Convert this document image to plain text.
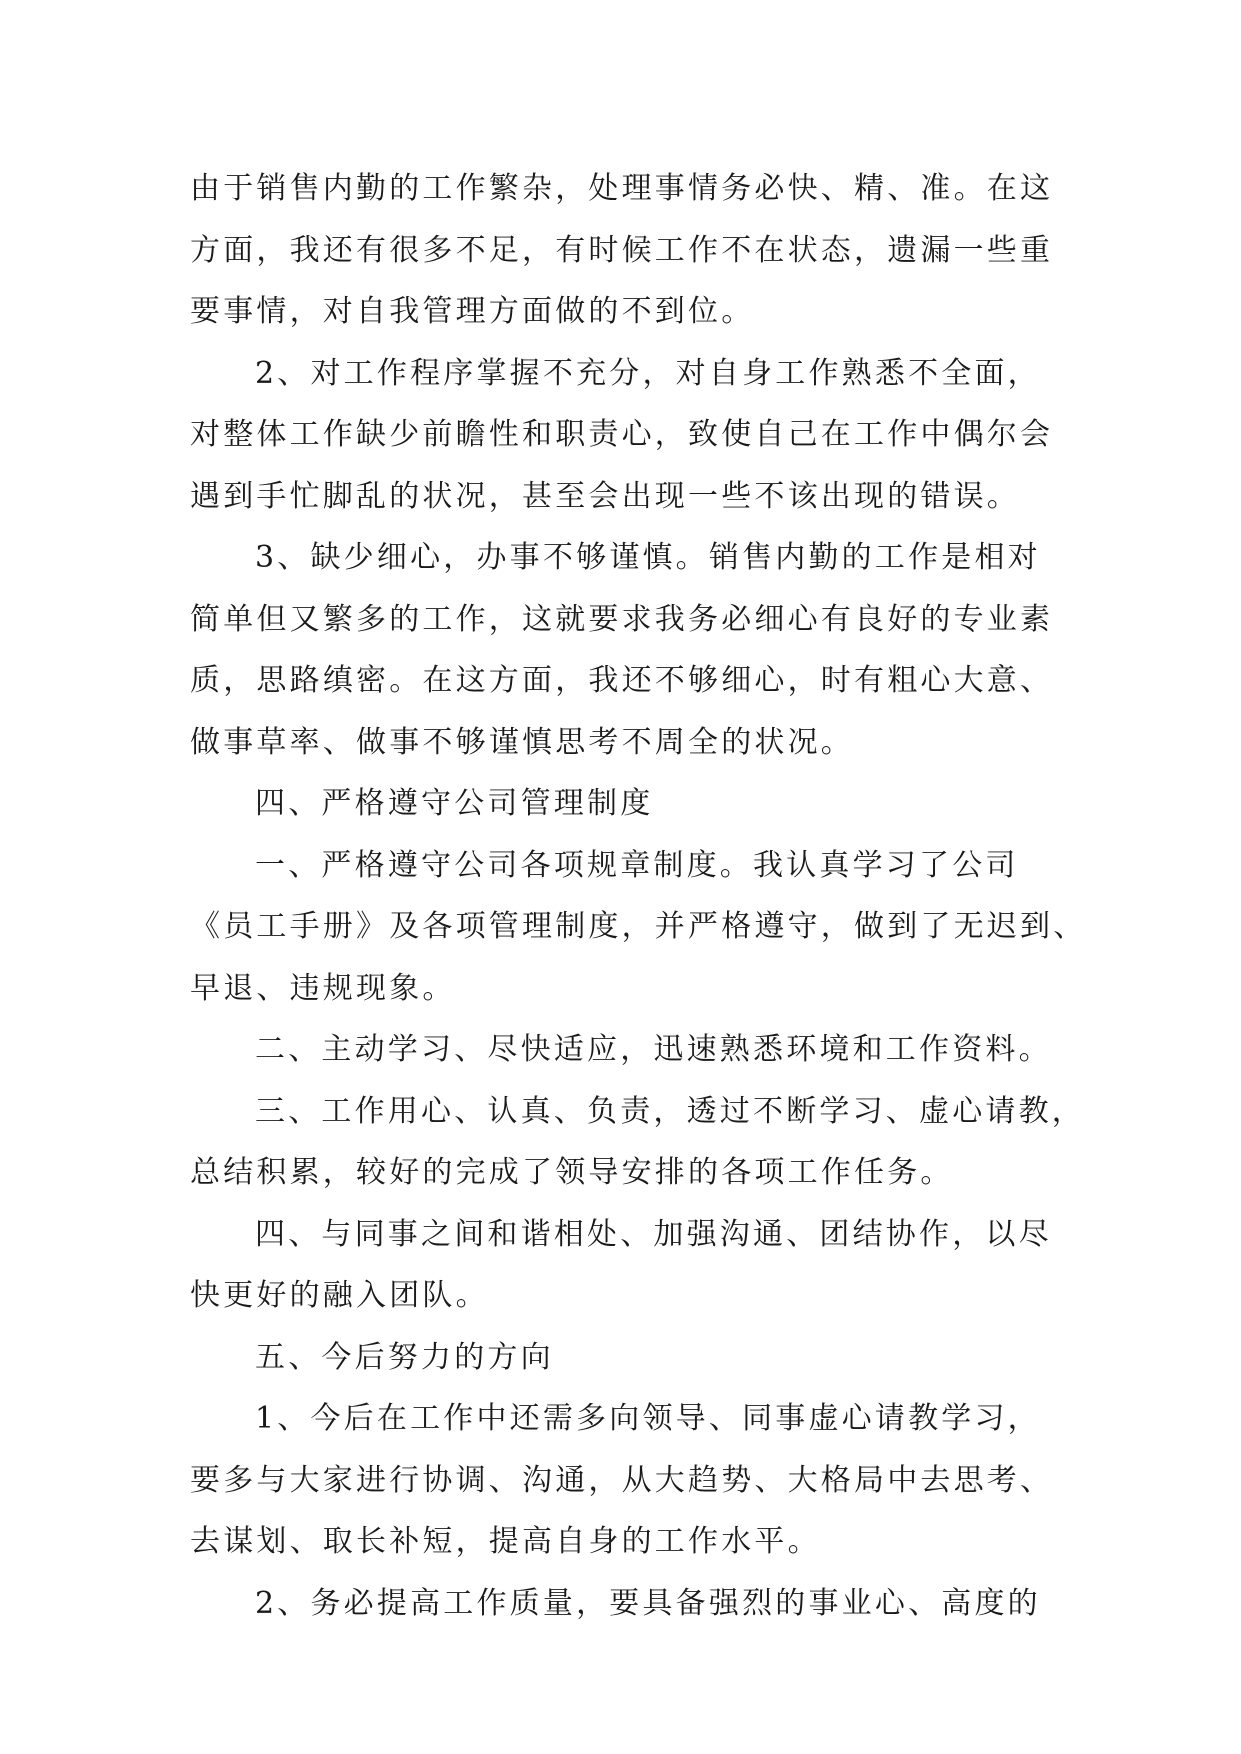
由于销售内勤的工作繁杂，处理事情务必快、精、准。在这
方面，我还有很多不足，有时候工作不在状态，遗漏一些重
要事情，对自我管理方面做的不到位。
2、对工作程序掌握不充分，对自身工作熟悉不全面，
对整体工作缺少前瞻性和职责心，致使自己在工作中偶尔会
遇到手忙脚乱的状况，甚至会出现一些不该出现的错误。
3、缺少细心，办事不够谨慎。销售内勤的工作是相对
简单但又繁多的工作，这就要求我务必细心有良好的专业素
质，思路缜密。在这方面，我还不够细心，时有粗心大意、
做事草率、做事不够谨慎思考不周全的状况。
四、严格遵守公司管理制度
一、严格遵守公司各项规章制度。我认真学习了公司
《员工手册》及各项管理制度，并严格遵守，做到了无迟到、
早退、违规现象。
二、主动学习、尽快适应，迅速熟悉环境和工作资料。
三、工作用心、认真、负责，透过不断学习、虚心请教，
总结积累，较好的完成了领导安排的各项工作任务。
四、与同事之间和谐相处、加强沟通、团结协作，以尽
快更好的融入团队。
五、今后努力的方向
1、今后在工作中还需多向领导、同事虚心请教学习，
要多与大家进行协调、沟通，从大趋势、大格局中去思考、
去谋划、取长补短，提高自身的工作水平。
2、务必提高工作质量，要具备强烈的事业心、高度的
